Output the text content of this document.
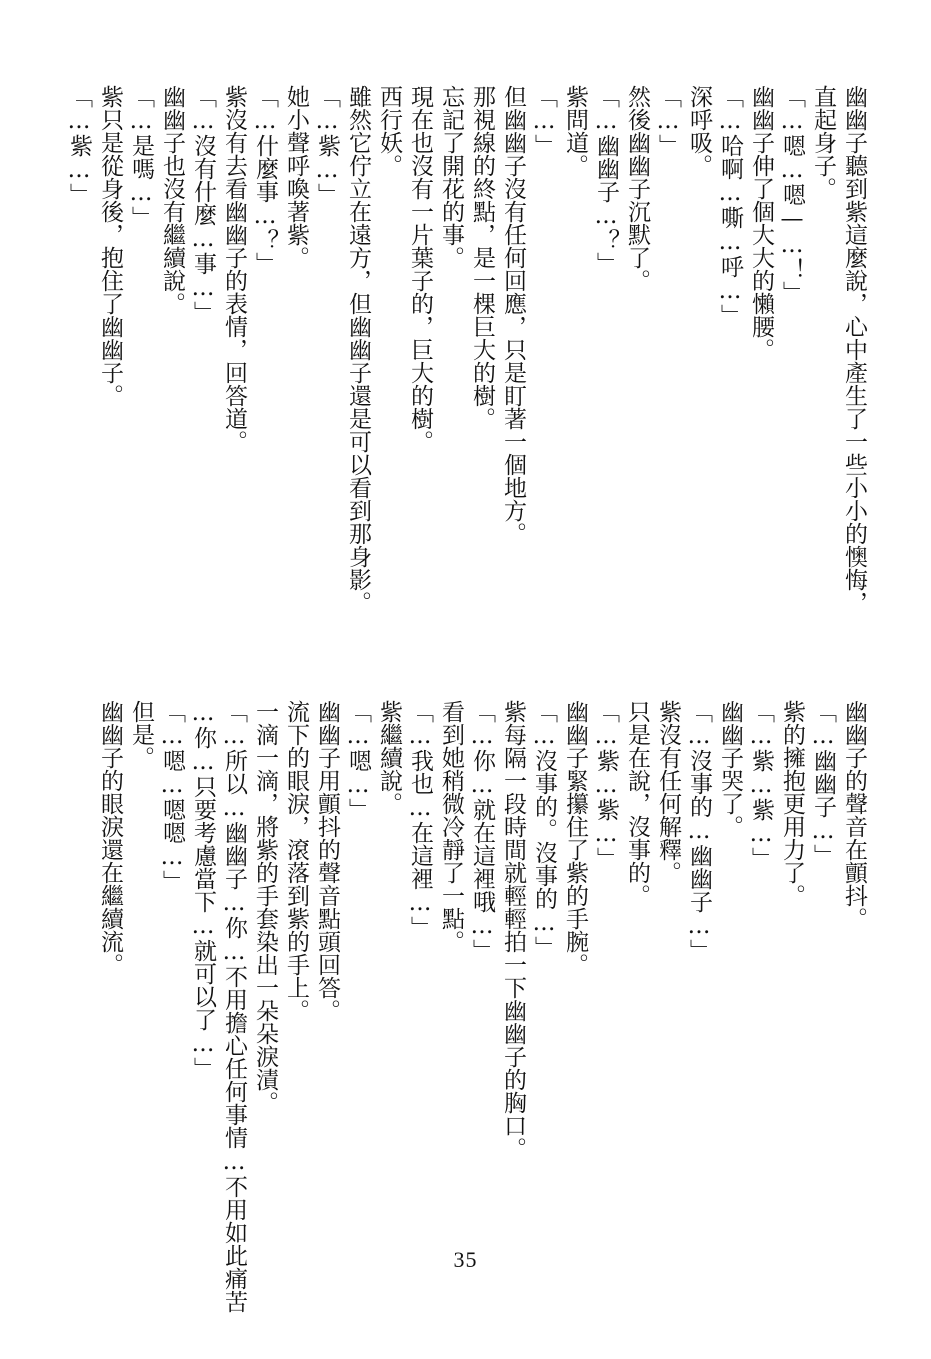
幽幽子聽到紫這麼說，心中產生了一些小小的懊悔，
直起身子。
「…嗯…嗯—…！」
幽幽子伸了個大大的懶腰。
「…哈啊…嘶…呼…」
深呼吸。
「…」
然後幽幽子沉默了。
「…幽幽子…？」
紫問道。
「…」
但幽幽子沒有任何回應，只是盯著一個地方。
那視線的終點，是一棵巨大的樹。
忘記了開花的事。
現在也沒有一片葉子的，巨大的樹。
西行妖。
雖然它佇立在遠方，但幽幽子還是可以看到那身影。
「…紫…」
她小聲呼喚著紫。
「…什麼事…？」
紫沒有去看幽幽子的表情，回答道。
「…沒有什麼…事…」
幽幽子也沒有繼續說。
「…是嗎…」
紫只是從身後，抱住了幽幽子。
「…紫…」
幽幽子的聲音在顫抖。
「…幽幽子…」
紫的擁抱更用力了。
「…紫…紫…」
幽幽子哭了。
「…沒事的…幽幽子…」
紫沒有任何解釋。
只是在說，沒事的。
「…紫…紫…」
幽幽子緊攥住了紫的手腕。
「…沒事的。沒事的…」
紫每隔一段時間就輕輕拍一下幽幽子的胸口。
「…你…就在這裡哦…」
看到她稍微冷靜了一點。
「…我也…在這裡…」
紫繼續說。
「…嗯…」
幽幽子用顫抖的聲音點頭回答。
流下的眼淚，滾落到紫的手上。
一滴一滴，將紫的手套染出一朵朵淚漬。
「…所以…幽幽子…你…不用擔心任何事情…不用如此痛苦
…你…只要考慮當下…就可以了…」
「…嗯…嗯嗯…」
但是。
幽幽子的眼淚還在繼續流。
35
